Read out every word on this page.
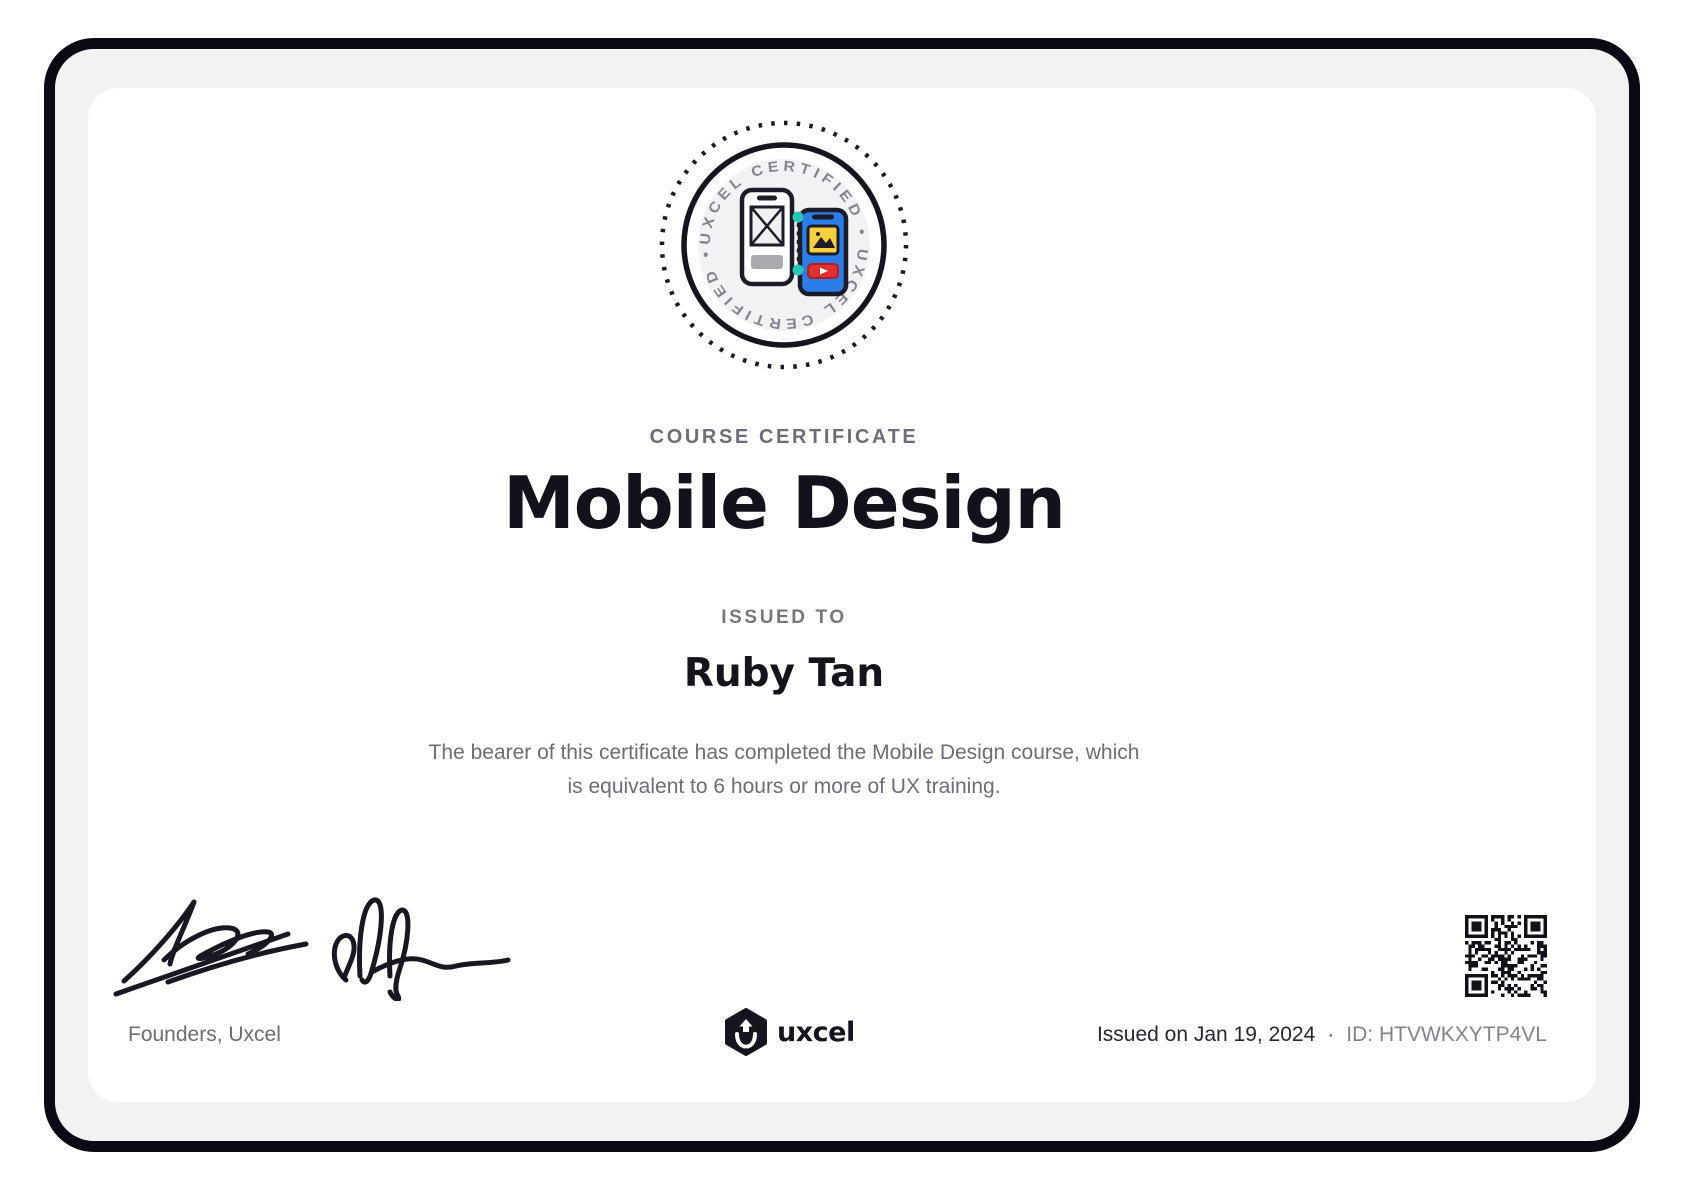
UXCEL CERTIFIED • UXCEL CERTIFIED •
COURSE CERTIFICATE
Mobile Design
ISSUED TO
Ruby Tan
The bearer of this certificate has completed the Mobile Design course, which
is equivalent to 6 hours or more of UX training.
Founders, Uxcel	uxcel	Issued on Jan 19, 2024 · ID: HTVWKXYTP4VL
